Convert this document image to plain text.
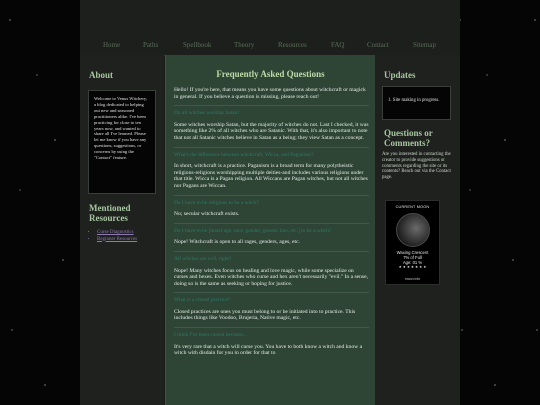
Home	Paths	Spellbook	Theory	Resources	FAQ	Contact	Sitemap
About
Welcome to Venus Witchery, a blog dedicated to helping out new and seasoned practitioners alike. I've been practicing for close to ten years now, and wanted to share all I've learned. Please let me know if you have any questions, suggestions, or concerns by using the "Contact" feature.
Mentioned Resources
• Curse Diagnostics
• Beginner Resources
Frequently Asked Questions
Hello! If you're here, that means you have some questions about witchcraft or magick in general. If you believe a question is missing, please reach out!
Do all witches worship Satan?
Some witches worship Satan, but the majority of witches do not. Last I checked, it was something like 2% of all witches who are Satanic. With that, it's also important to note that not all Satanic witches believe in Satan as a being; they view Satan as a concept.
What's the difference between witchcraft, Wicca, and Paganism?
In short, witchcraft is a practice. Paganism is a broad term for many polytheistic religions-religions worshipping multiple deities-and includes various religions under that title. Wicca is a Pagan religion. All Wiccans are Pagan witches, but not all witches nor Pagans are Wiccan.
Do I have to be religious to be a witch?
No; secular witchcraft exists.
Do I have to be [insert age, race, gender, genetic line, etc.] to be a witch?
Nope! Witchcraft is open to all rages, genders, ages, etc.
All witches are evil, right?
Nope! Many witches focus on healing and love magic, while some specialize on curses and hexes. Even witches who curse and hex aren't necessarily "evil." In a sense, doing so is the same as seeking or hoping for justice.
What is a closed practice?
Closed practices are ones you must belong to or be initiated into to practice. This includes things like Voodoo, Brujeria, Native magic, etc.
I think I've been cursed because...
It's very rare that a witch will curse you. You have to both know a witch and know a witch with disdain for you in order for that to
Updates
1. Site making in progress.
Questions or Comments?
Are you interested in contacting the creator to provide suggestions or comments regarding the site or its contents? Reach out via the Contact page.
CURRENT MOON
Waxing Crescent
7% of Full
Age: 01 %
★ ★ ★ ★ ★ ★ ★
moon info
